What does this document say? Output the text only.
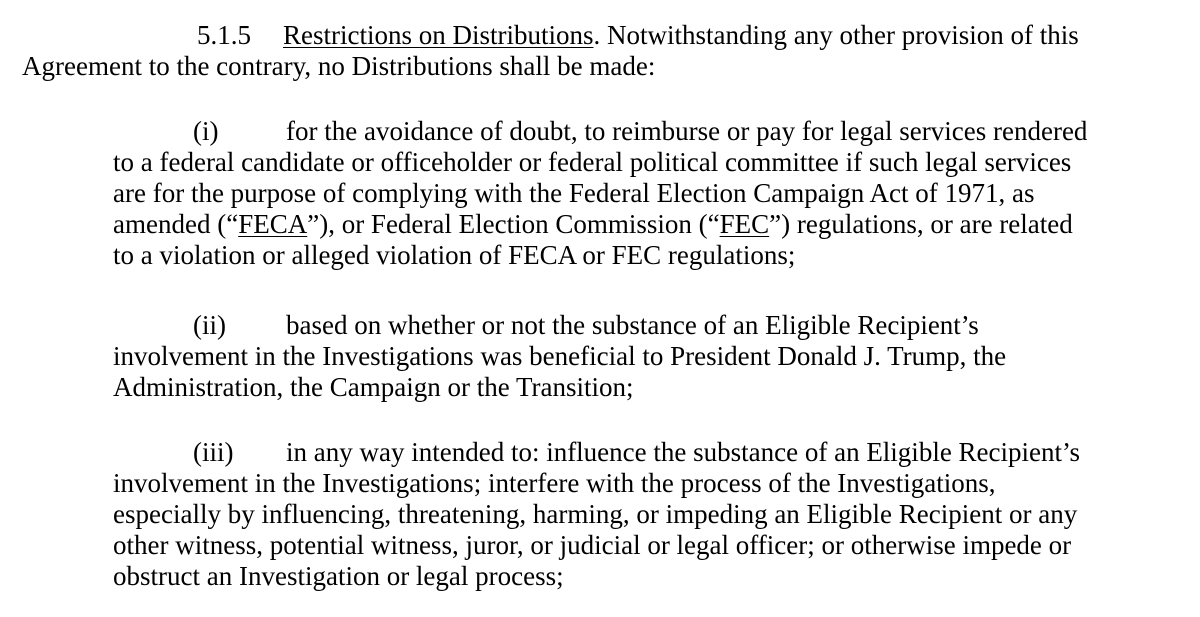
5.1.5 Restrictions on Distributions. Notwithstanding any other provision of this
Agreement to the contrary, no Distributions shall be made:
(i)	for the avoidance of doubt, to reimburse or pay for legal services rendered
to a federal candidate or officeholder or federal political committee if such legal services
are for the purpose of complying with the Federal Election Campaign Act of 1971, as
amended (“FECA”), or Federal Election Commission (“FEC”) regulations, or are related
to a violation or alleged violation of FECA or FEC regulations;
(ii) based on whether or not the substance of an Eligible Recipient’s
involvement in the Investigations was beneficial to President Donald J. Trump, the
Administration, the Campaign or the Transition;
(iii) in any way intended to: influence the substance of an Eligible Recipient’s
involvement in the Investigations; interfere with the process of the Investigations,
especially by influencing, threatening, harming, or impeding an Eligible Recipient or any
other witness, potential witness, juror, or judicial or legal officer; or otherwise impede or
obstruct an Investigation or legal process;
